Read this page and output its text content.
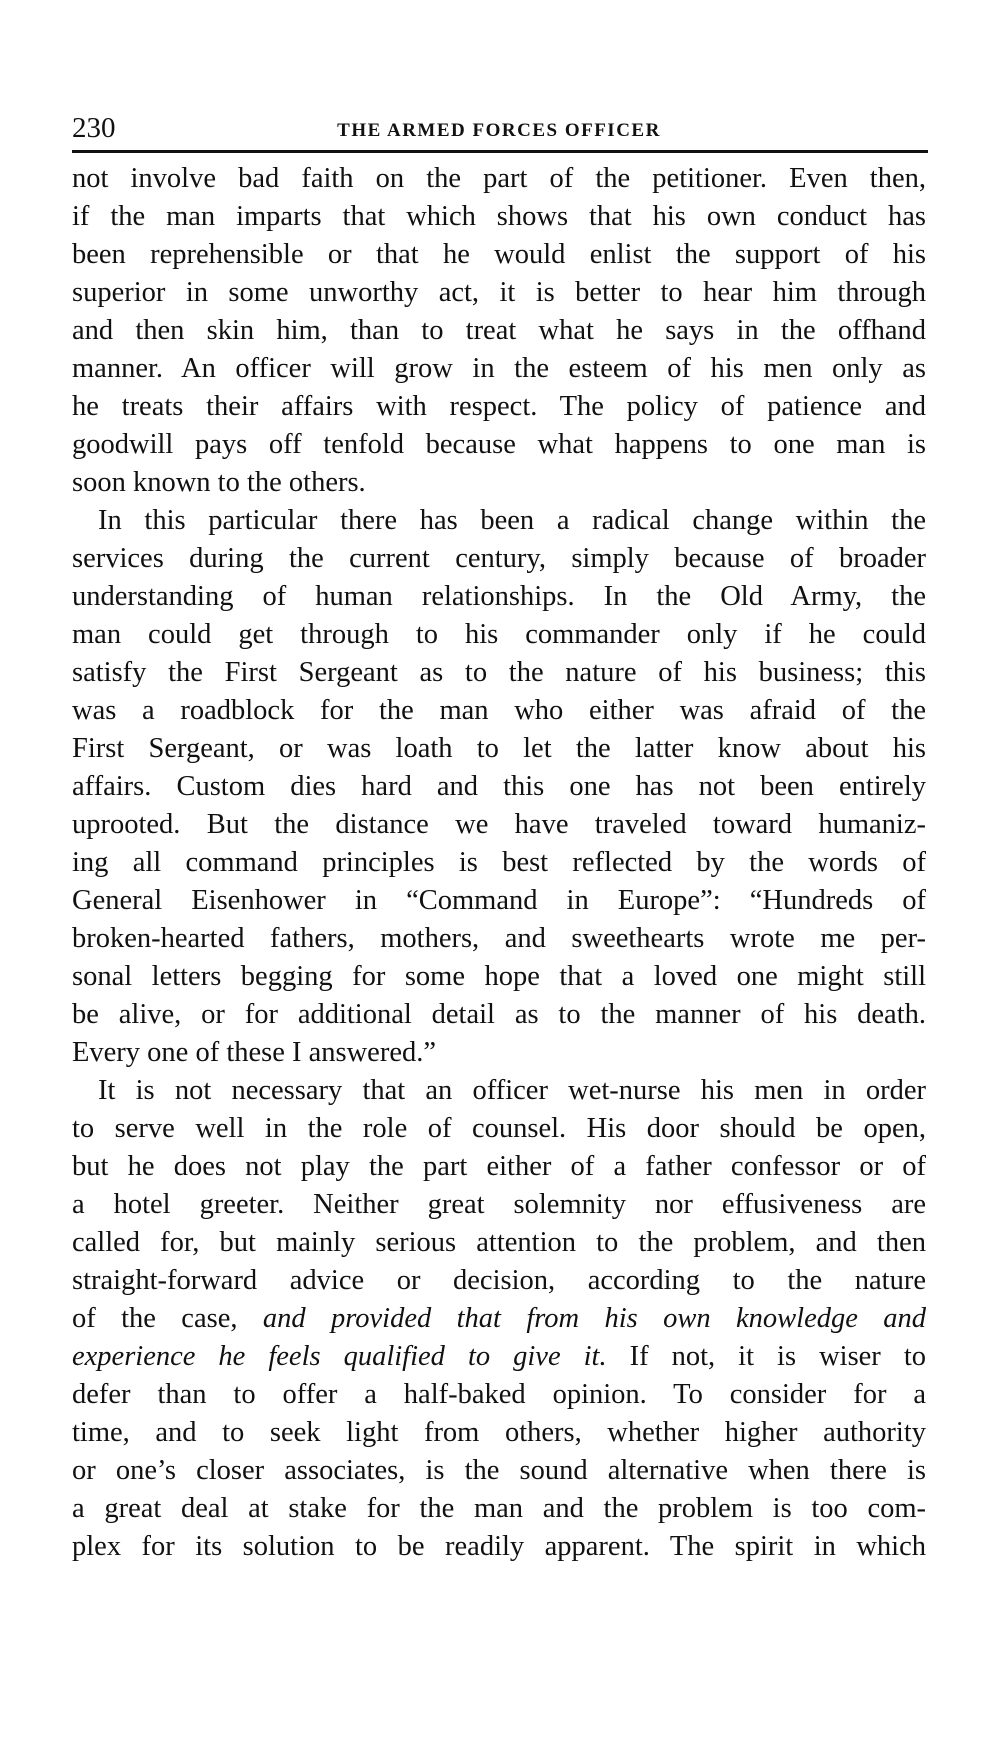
230	THE ARMED FORCES OFFICER
not involve bad faith on the part of the petitioner. Even then,
if the man imparts that which shows that his own conduct has
been reprehensible or that he would enlist the support of his
superior in some unworthy act, it is better to hear him through
and then skin him, than to treat what he says in the offhand
manner. An officer will grow in the esteem of his men only as
he treats their affairs with respect. The policy of patience and
goodwill pays off tenfold because what happens to one man is
soon known to the others.
In this particular there has been a radical change within the
services during the current century, simply because of broader
understanding of human relationships. In the Old Army, the
man could get through to his commander only if he could
satisfy the First Sergeant as to the nature of his business; this
was a roadblock for the man who either was afraid of the
First Sergeant, or was loath to let the latter know about his
affairs. Custom dies hard and this one has not been entirely
uprooted. But the distance we have traveled toward humaniz-
ing all command principles is best reflected by the words of
General Eisenhower in “Command in Europe”: “Hundreds of
broken-hearted fathers, mothers, and sweethearts wrote me per-
sonal letters begging for some hope that a loved one might still
be alive, or for additional detail as to the manner of his death.
Every one of these I answered.”
It is not necessary that an officer wet-nurse his men in order
to serve well in the role of counsel. His door should be open,
but he does not play the part either of a father confessor or of
a hotel greeter. Neither great solemnity nor effusiveness are
called for, but mainly serious attention to the problem, and then
straight-forward advice or decision, according to the nature
of the case, and provided that from his own knowledge and
experience he feels qualified to give it. If not, it is wiser to
defer than to offer a half-baked opinion. To consider for a
time, and to seek light from others, whether higher authority
or one’s closer associates, is the sound alternative when there is
a great deal at stake for the man and the problem is too com-
plex for its solution to be readily apparent. The spirit in which
